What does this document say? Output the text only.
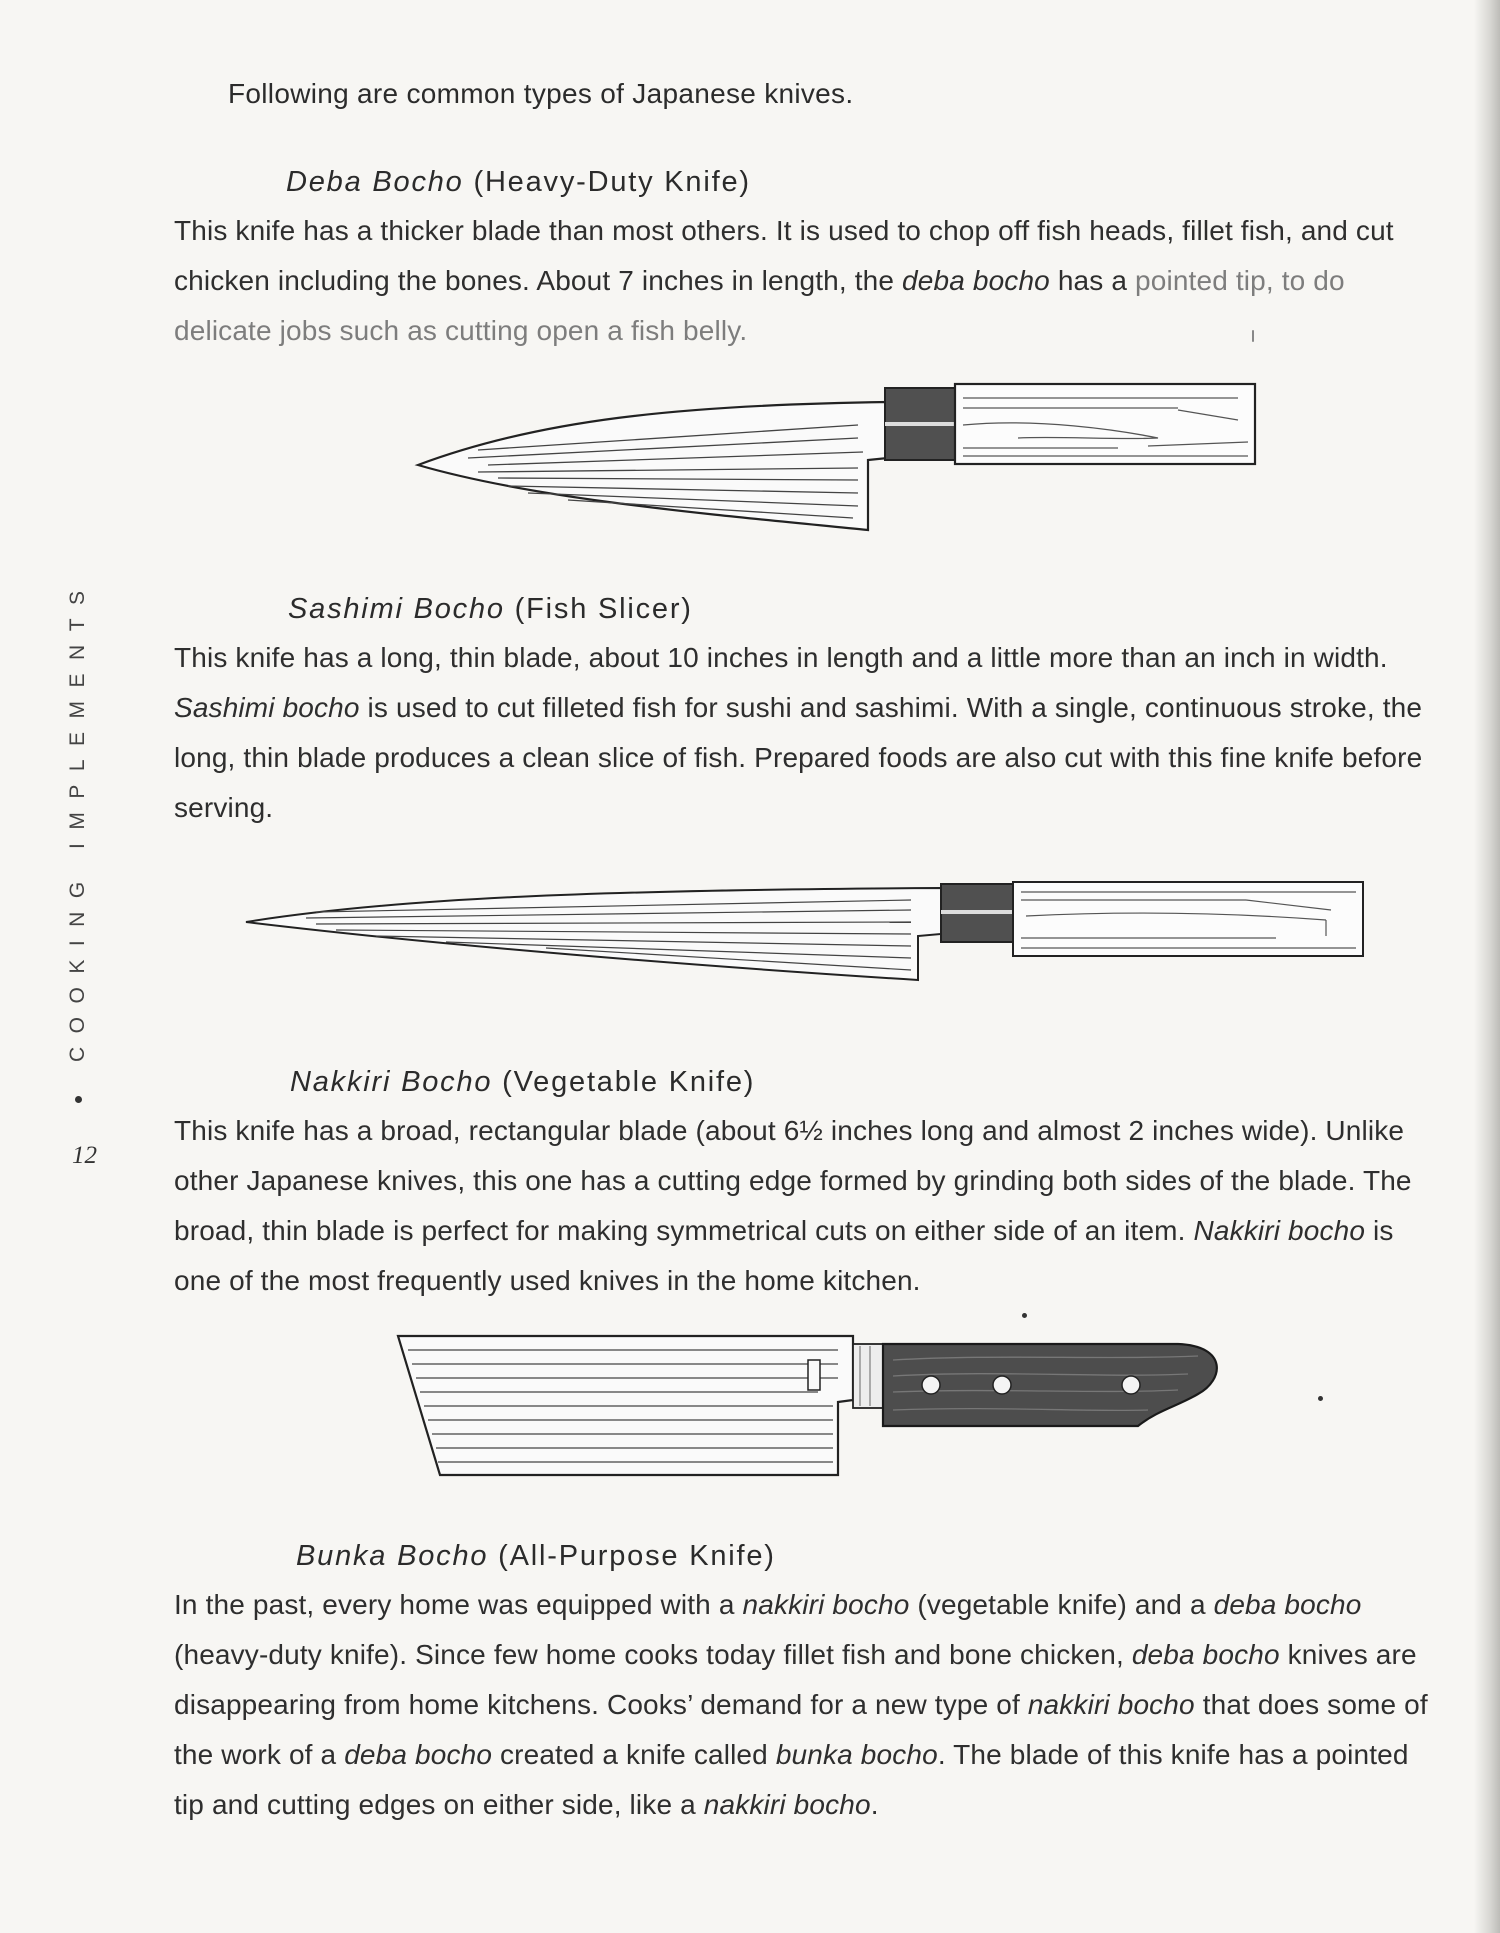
Following are common types of Japanese knives.
Deba Bocho (Heavy-Duty Knife)
This knife has a thicker blade than most others. It is used to chop off fish heads, fillet fish, and cut chicken including the bones. About 7 inches in length, the deba bocho has a pointed tip, to do delicate jobs such as cutting open a fish belly.
Sashimi Bocho (Fish Slicer)
This knife has a long, thin blade, about 10 inches in length and a little more than an inch in width. Sashimi bocho is used to cut filleted fish for sushi and sashimi. With a single, continuous stroke, the long, thin blade produces a clean slice of fish. Prepared foods are also cut with this fine knife before serving.
Nakkiri Bocho (Vegetable Knife)
This knife has a broad, rectangular blade (about 6½ inches long and almost 2 inches wide). Unlike other Japanese knives, this one has a cutting edge formed by grinding both sides of the blade. The broad, thin blade is perfect for making symmetrical cuts on either side of an item. Nakkiri bocho is one of the most frequently used knives in the home kitchen.
Bunka Bocho (All-Purpose Knife)
In the past, every home was equipped with a nakkiri bocho (vegetable knife) and a deba bocho (heavy-duty knife). Since few home cooks today fillet fish and bone chicken, deba bocho knives are disappearing from home kitchens. Cooks’ demand for a new type of nakkiri bocho that does some of the work of a deba bocho created a knife called bunka bocho. The blade of this knife has a pointed tip and cutting edges on either side, like a nakkiri bocho.
COOKING IMPLEMENTS
12
